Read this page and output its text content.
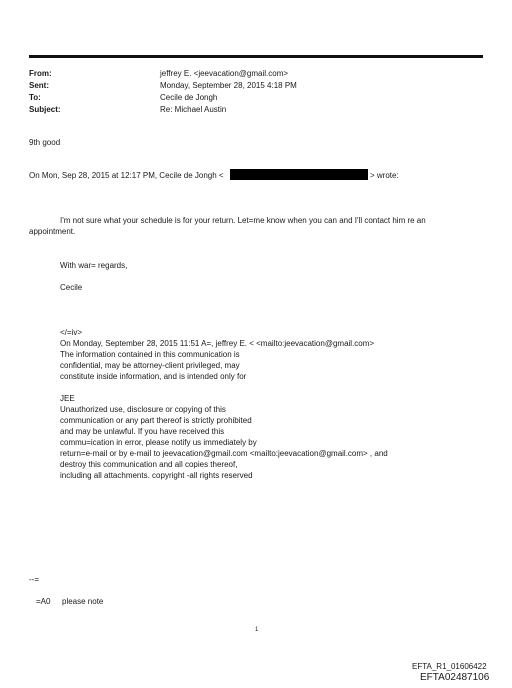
From:	jeffrey E. <jeevacation@gmail.com>
Sent:	Monday, September 28, 2015 4:18 PM
To:	Cecile de Jongh
Subject:	Re: Michael Austin
9th good
On Mon, Sep 28, 2015 at 12:17 PM, Cecile de Jongh <	> wrote:
I'm not sure what your schedule is for your return. Let=me know when you can and I'll contact him re an
appointment.
With war= regards,
Cecile
</=iv>
On Monday, September 28, 2015 11:51 A=, jeffrey E. < <mailto:jeevacation@gmail.com>
The information contained in this communication is
confidential, may be attorney-client privileged, may
constitute inside information, and is intended only for
JEE
Unauthorized use, disclosure or copying of this
communication or any part thereof is strictly prohibited
and may be unlawful. If you have received this
commu=ication in error, please notify us immediately by
return=e-mail or by e-mail to jeevacation@gmail.com <mailto:jeevacation@gmail.com> , and
destroy this communication and all copies thereof,
including all attachments. copyright -all rights reserved
--=
=A0 please note
1
EFTA_R1_01606422
EFTA02487106
